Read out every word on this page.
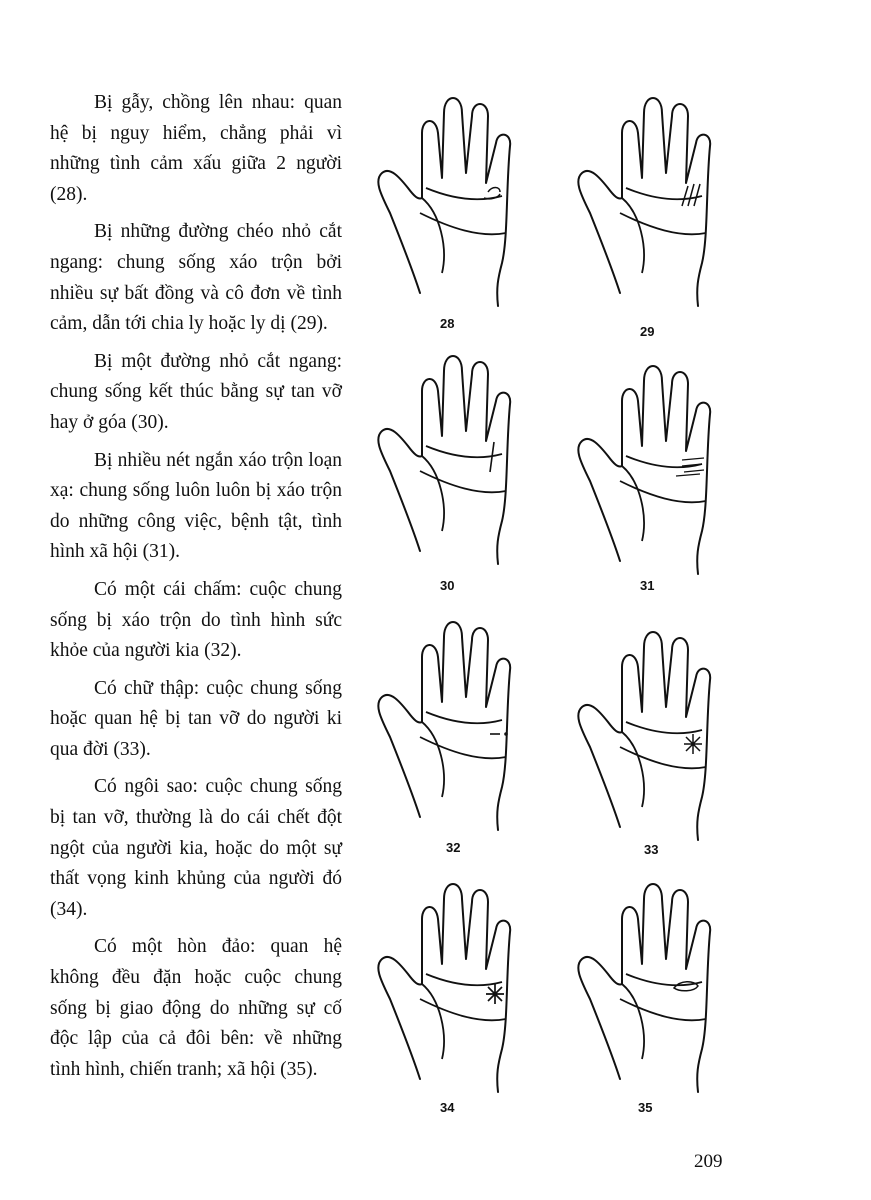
Bị gẫy, chồng lên nhau: quan hệ bị nguy hiểm, chẳng phải vì những tình cảm xấu giữa 2 người (28).

Bị những đường chéo nhỏ cắt ngang: chung sống xáo trộn bởi nhiều sự bất đồng và cô đơn về tình cảm, dẫn tới chia ly hoặc ly dị (29).

Bị một đường nhỏ cắt ngang: chung sống kết thúc bằng sự tan vỡ hay ở góa (30).

Bị nhiều nét ngắn xáo trộn loạn xạ: chung sống luôn luôn bị xáo trộn do những công việc, bệnh tật, tình hình xã hội (31).

Có một cái chấm: cuộc chung sống bị xáo trộn do tình hình sức khỏe của người kia (32).

Có chữ thập: cuộc chung sống hoặc quan hệ bị tan vỡ do người ki qua đời (33).

Có ngôi sao: cuộc chung sống bị tan vỡ, thường là do cái chết đột ngột của người kia, hoặc do một sự thất vọng kinh khủng của người đó (34).

Có một hòn đảo: quan hệ không đều đặn hoặc cuộc chung sống bị giao động do những sự cố độc lập của cả đôi bên: về những tình hình, chiến tranh; xã hội (35).

28
29
30	31
32	33
34	35
209
